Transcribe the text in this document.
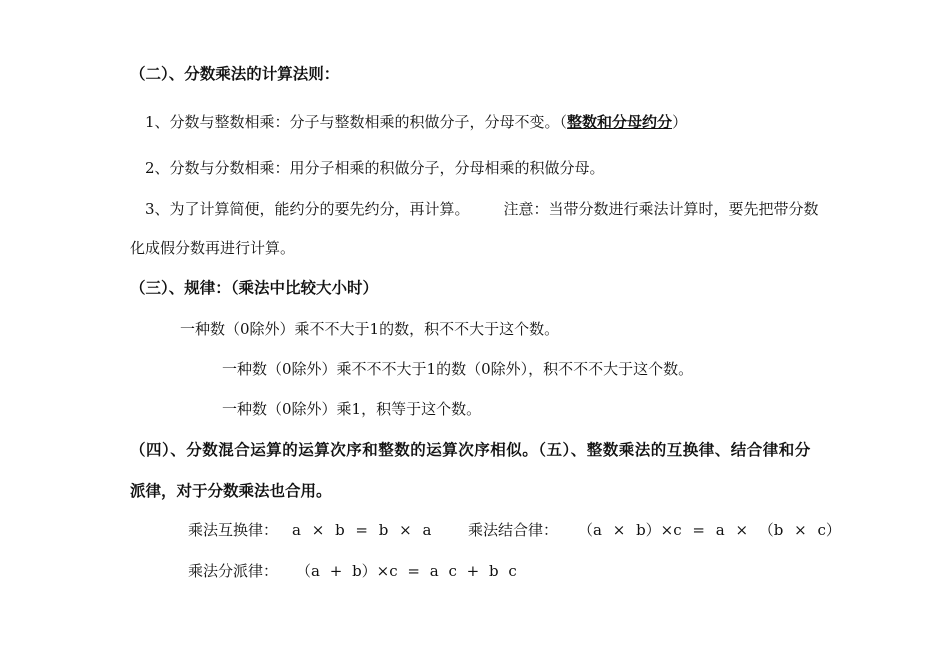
（二）、分数乘法的计算法则：
1、分数与整数相乘：分子与整数相乘的积做分子，分母不变。（整数和分母约分）
2、分数与分数相乘：用分子相乘的积做分子，分母相乘的积做分母。
3、为了计算简便，能约分的要先约分，再计算。 注意：当带分数进行乘法计算时，要先把带分数
化成假分数再进行计算。
（三）、规律：（乘法中比较大小时）
一种数（0除外）乘不不大于1的数，积不不大于这个数。
一种数（0除外）乘不不不大于1的数（0除外），积不不不大于这个数。
一种数（0除外）乘1，积等于这个数。
（四）、分数混合运算的运算次序和整数的运算次序相似。（五）、整数乘法的互换律、结合律和分
派律，对于分数乘法也合用。
乘法互换律： a × b = b × a 乘法结合律： （a × b）×c = a × （b × c）
乘法分派律： （a + b）×c = a c + b c
